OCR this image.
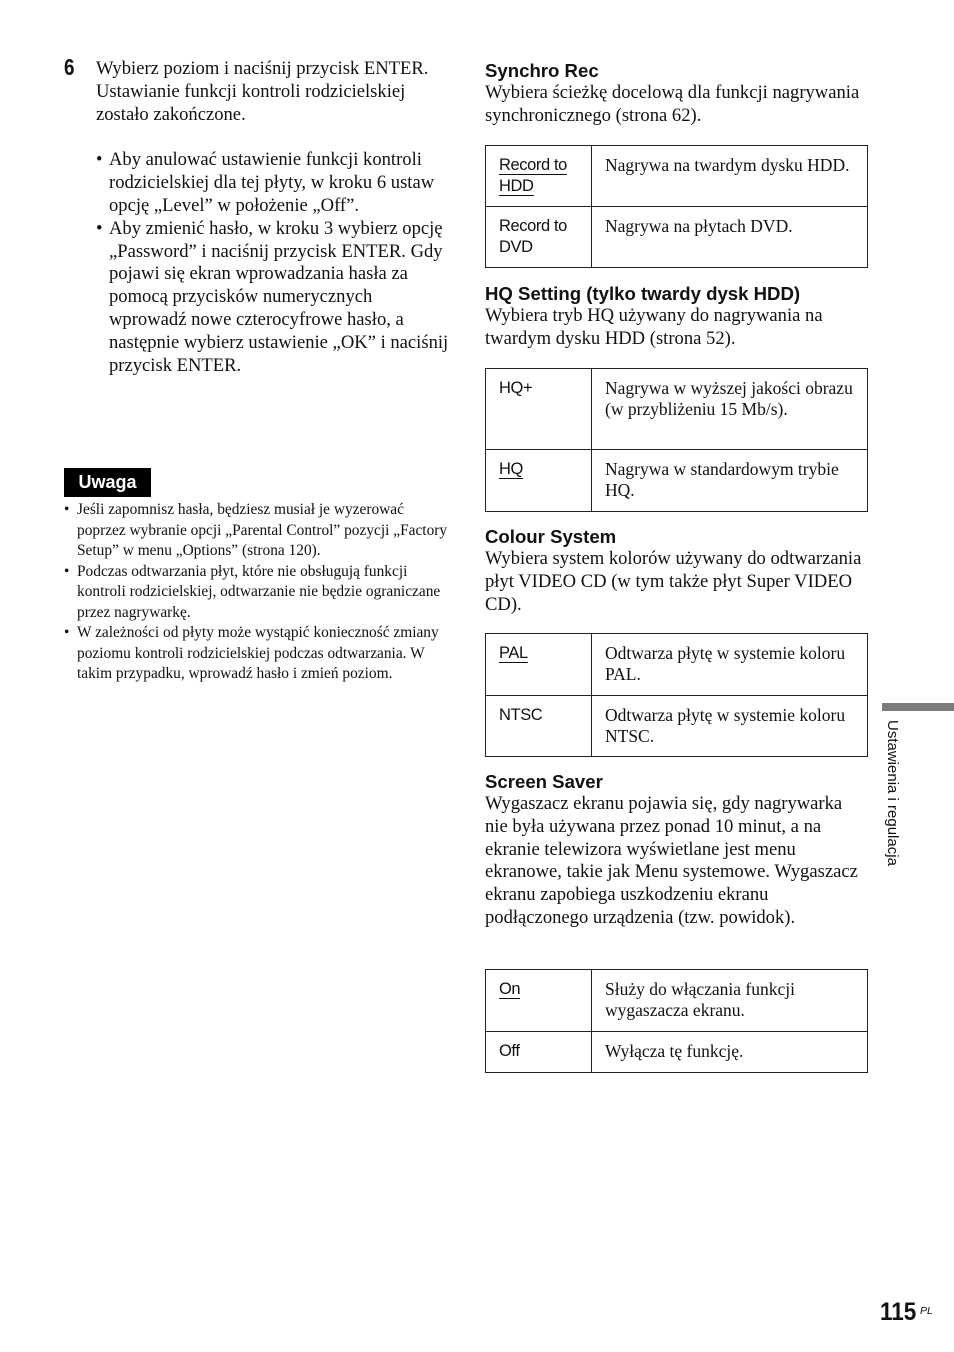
6 Wybierz poziom i naciśnij przycisk ENTER.

Ustawianie funkcji kontroli rodzicielskiej zostało zakończone.

• Aby anulować ustawienie funkcji kontroli rodzicielskiej dla tej płyty, w kroku 6 ustaw opcję „Level” w położenie „Off”.
• Aby zmienić hasło, w kroku 3 wybierz opcję „Password” i naciśnij przycisk ENTER. Gdy pojawi się ekran wprowadzania hasła za pomocą przycisków numerycznych wprowadź nowe czterocyfrowe hasło, a następnie wybierz ustawienie „OK” i naciśnij przycisk ENTER.
Uwaga
• Jeśli zapomnisz hasła, będziesz musiał je wyzerować poprzez wybranie opcji „Parental Control” pozycji „Factory Setup” w menu „Options” (strona 120).
• Podczas odtwarzania płyt, które nie obsługują funkcji kontroli rodzicielskiej, odtwarzanie nie będzie ograniczane przez nagrywarkę.
• W zależności od płyty może wystąpić konieczność zmiany poziomu kontroli rodzicielskiej podczas odtwarzania. W takim przypadku, wprowadź hasło i zmień poziom.
Synchro Rec

Wybiera ścieżkę docelową dla funkcji nagrywania synchronicznego (strona 62).

Record to HDD	Nagrywa na twardym dysku HDD.
Record to DVD	Nagrywa na płytach DVD.
HQ Setting (tylko twardy dysk HDD)

Wybiera tryb HQ używany do nagrywania na twardym dysku HDD (strona 52).

HQ+	Nagrywa w wyższej jakości obrazu (w przybliżeniu 15 Mb/s).
HQ	Nagrywa w standardowym trybie HQ.
Colour System

Wybiera system kolorów używany do odtwarzania płyt VIDEO CD (w tym także płyt Super VIDEO CD).

PAL	Odtwarza płytę w systemie koloru PAL.
NTSC	Odtwarza płytę w systemie koloru NTSC.
Screen Saver

Wygaszacz ekranu pojawia się, gdy nagrywarka nie była używana przez ponad 10 minut, a na ekranie telewizora wyświetlane jest menu ekranowe, takie jak Menu systemowe. Wygaszacz ekranu zapobiega uszkodzeniu ekranu podłączonego urządzenia (tzw. powidok).

On	Służy do włączania funkcji wygaszacza ekranu.
Off	Wyłącza tę funkcję.
Ustawienia i regulacja
115 PL
